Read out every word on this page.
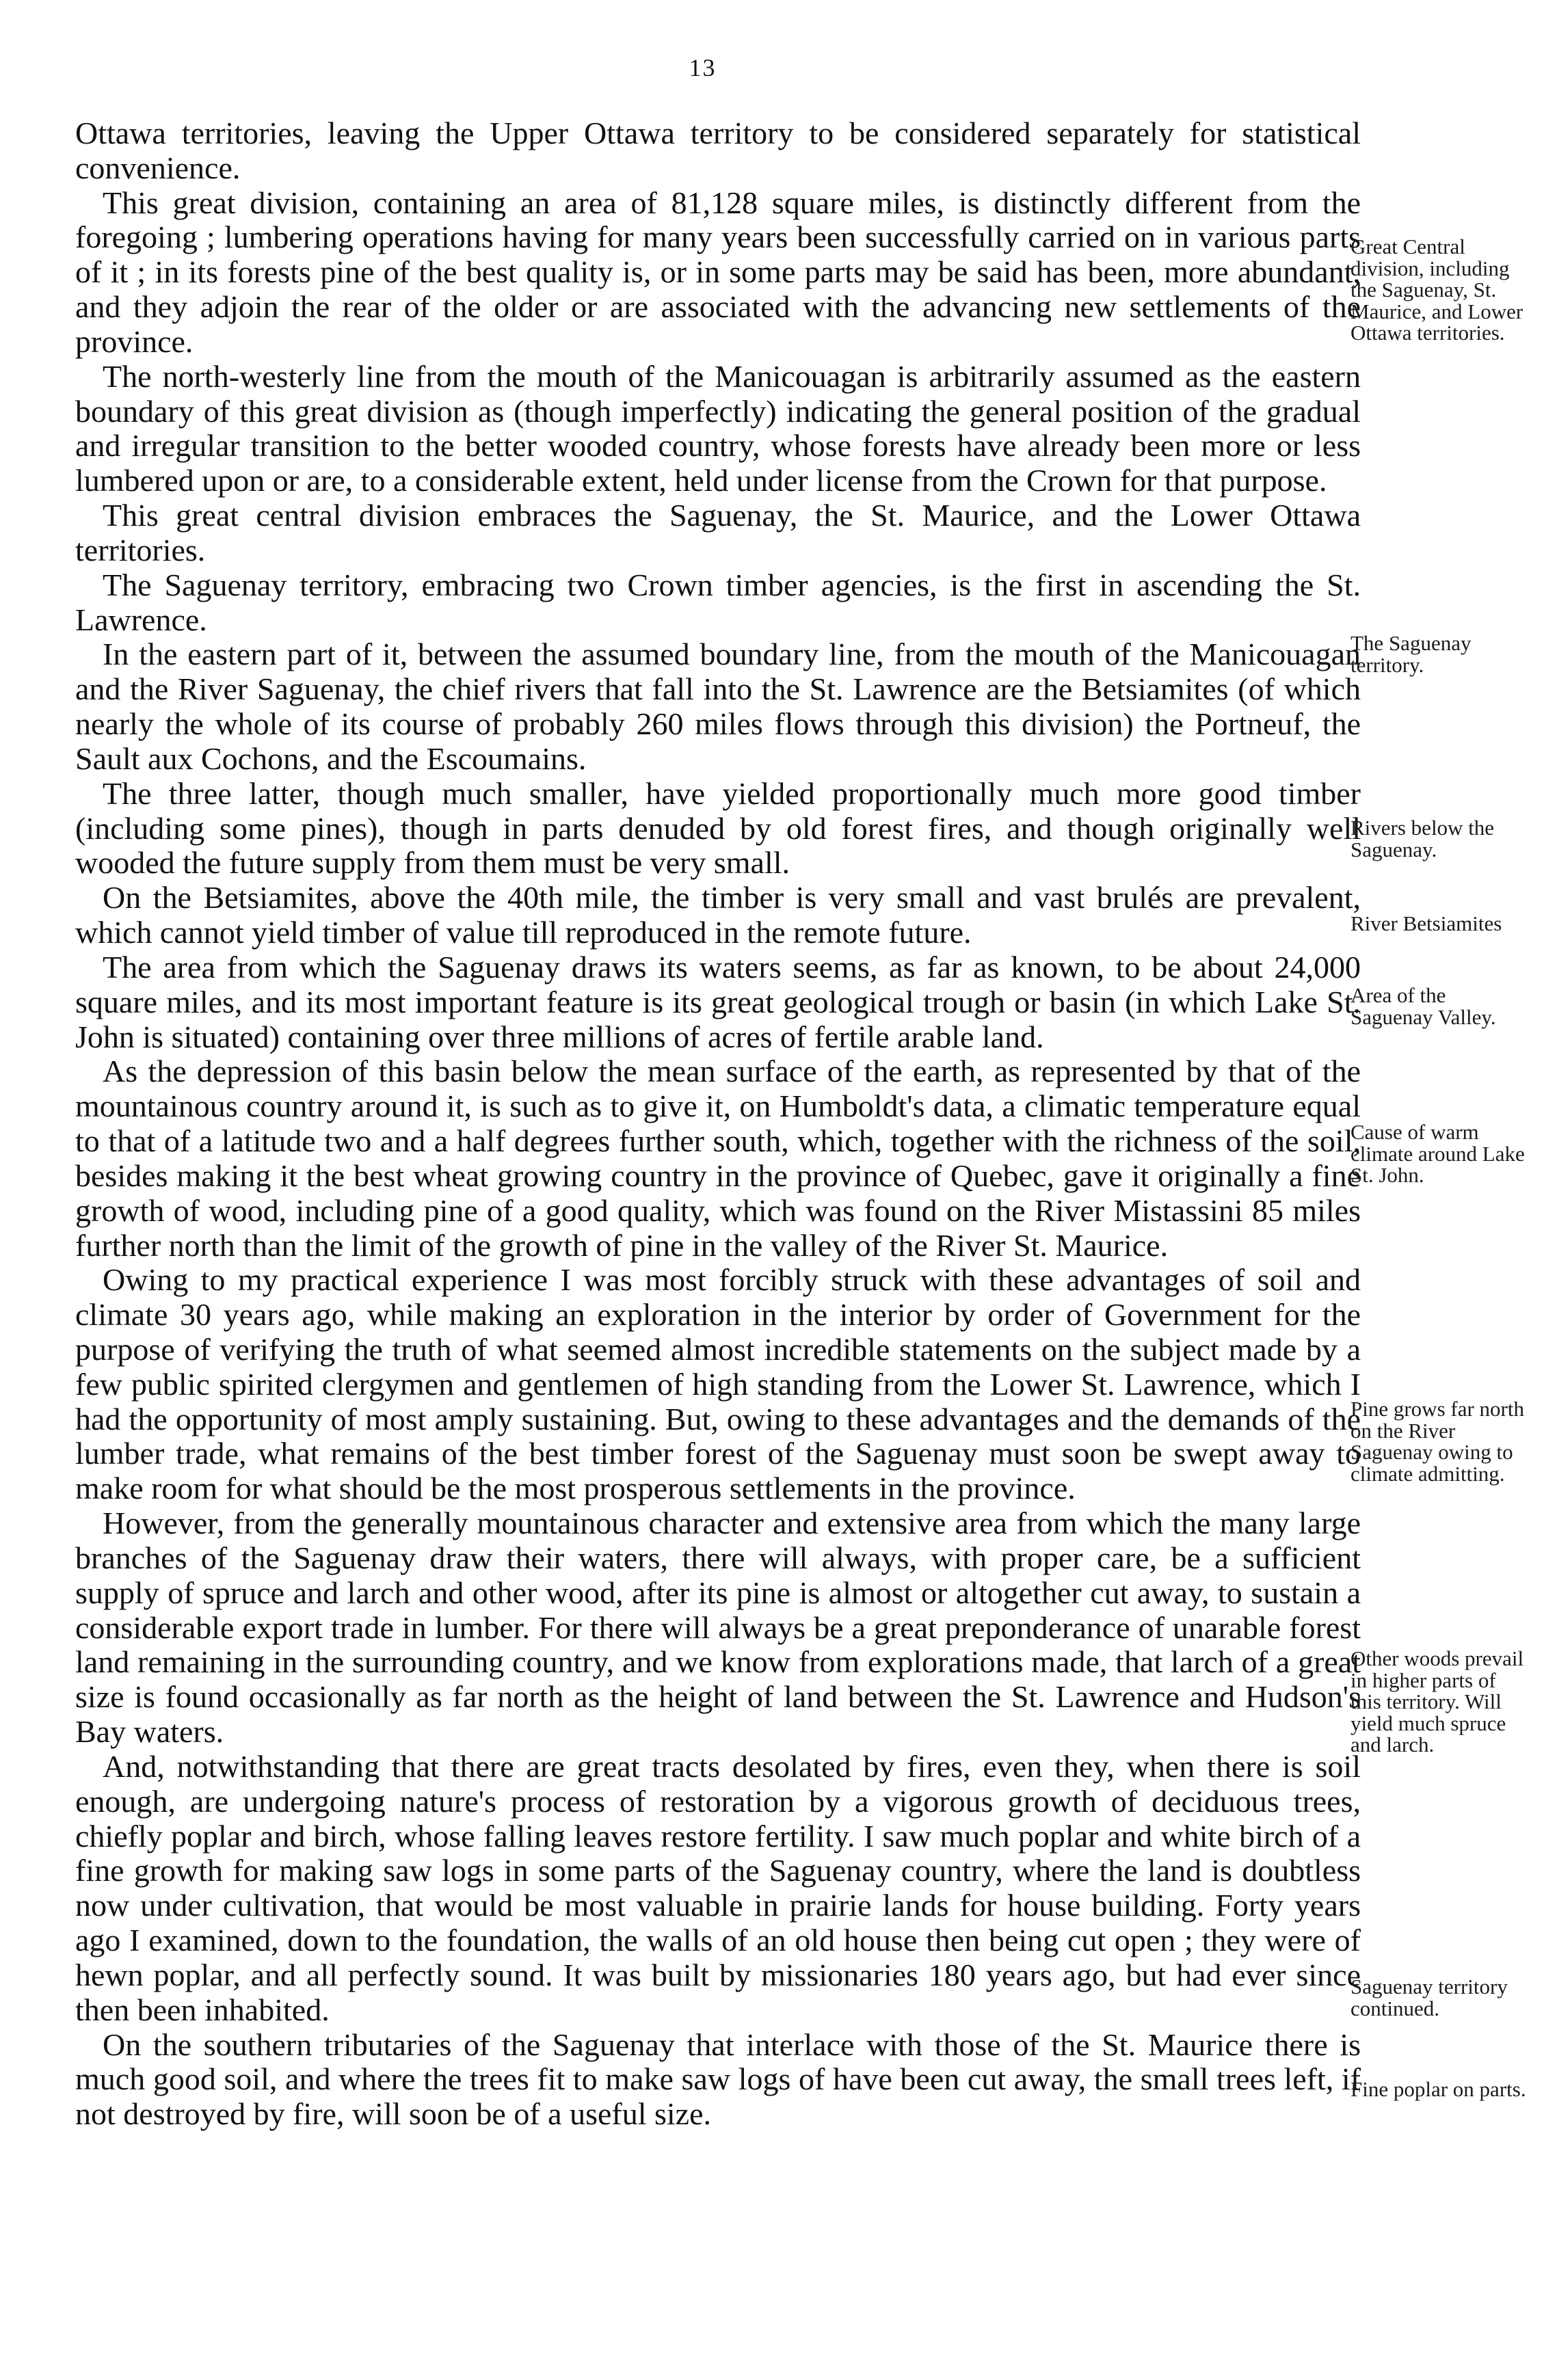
13

Ottawa territories, leaving the Upper Ottawa territory to be considered separately for statistical convenience.

This great division, containing an area of 81,128 square miles, is distinctly different from the foregoing ; lumbering operations having for many years been successfully carried on in various parts of it ; in its forests pine of the best quality is, or in some parts may be said has been, more abundant, and they adjoin the rear of the older or are associated with the advancing new settlements of the province.

The north-westerly line from the mouth of the Manicouagan is arbitrarily assumed as the eastern boundary of this great division as (though imperfectly) indicating the general position of the gradual and irregular transition to the better wooded country, whose forests have already been more or less lumbered upon or are, to a considerable extent, held under license from the Crown for that purpose.

This great central division embraces the Saguenay, the St. Maurice, and the Lower Ottawa territories.

The Saguenay territory, embracing two Crown timber agencies, is the first in ascending the St. Lawrence.

In the eastern part of it, between the assumed boundary line, from the mouth of the Manicouagan and the River Saguenay, the chief rivers that fall into the St. Lawrence are the Betsiamites (of which nearly the whole of its course of probably 260 miles flows through this division) the Portneuf, the Sault aux Cochons, and the Escoumains.

The three latter, though much smaller, have yielded proportionally much more good timber (including some pines), though in parts denuded by old forest fires, and though originally well wooded the future supply from them must be very small.

On the Betsiamites, above the 40th mile, the timber is very small and vast brulés are prevalent, which cannot yield timber of value till reproduced in the remote future.

The area from which the Saguenay draws its waters seems, as far as known, to be about 24,000 square miles, and its most important feature is its great geological trough or basin (in which Lake St. John is situated) containing over three millions of acres of fertile arable land.

As the depression of this basin below the mean surface of the earth, as represented by that of the mountainous country around it, is such as to give it, on Humboldt's data, a climatic temperature equal to that of a latitude two and a half degrees further south, which, together with the richness of the soil, besides making it the best wheat growing country in the province of Quebec, gave it originally a fine growth of wood, including pine of a good quality, which was found on the River Mistassini 85 miles further north than the limit of the growth of pine in the valley of the River St. Maurice.

Owing to my practical experience I was most forcibly struck with these advantages of soil and climate 30 years ago, while making an exploration in the interior by order of Government for the purpose of verifying the truth of what seemed almost incredible statements on the subject made by a few public spirited clergymen and gentlemen of high standing from the Lower St. Lawrence, which I had the opportunity of most amply sustaining. But, owing to these advantages and the demands of the lumber trade, what remains of the best timber forest of the Saguenay must soon be swept away to make room for what should be the most prosperous settlements in the province.

However, from the generally mountainous character and extensive area from which the many large branches of the Saguenay draw their waters, there will always, with proper care, be a sufficient supply of spruce and larch and other wood, after its pine is almost or altogether cut away, to sustain a considerable export trade in lumber. For there will always be a great preponderance of unarable forest land remaining in the surrounding country, and we know from explorations made, that larch of a great size is found occasionally as far north as the height of land between the St. Lawrence and Hudson's Bay waters.

And, notwithstanding that there are great tracts desolated by fires, even they, when there is soil enough, are undergoing nature's process of restoration by a vigorous growth of deciduous trees, chiefly poplar and birch, whose falling leaves restore fertility. I saw much poplar and white birch of a fine growth for making saw logs in some parts of the Saguenay country, where the land is doubtless now under cultivation, that would be most valuable in prairie lands for house building. Forty years ago I examined, down to the foundation, the walls of an old house then being cut open ; they were of hewn poplar, and all perfectly sound. It was built by missionaries 180 years ago, but had ever since then been inhabited.

On the southern tributaries of the Saguenay that interlace with those of the St. Maurice there is much good soil, and where the trees fit to make saw logs of have been cut away, the small trees left, if not destroyed by fire, will soon be of a useful size.

Great Central division, including the Saguenay, St. Maurice, and Lower Ottawa territories.
The Saguenay territory.
Rivers below the Saguenay.
River Betsiamites
Area of the Saguenay Valley.
Cause of warm climate around Lake St. John.
Pine grows far north on the River Saguenay owing to climate admitting.
Other woods prevail in higher parts of this territory. Will yield much spruce and larch.
Saguenay territory continued.
Fine poplar on parts.
